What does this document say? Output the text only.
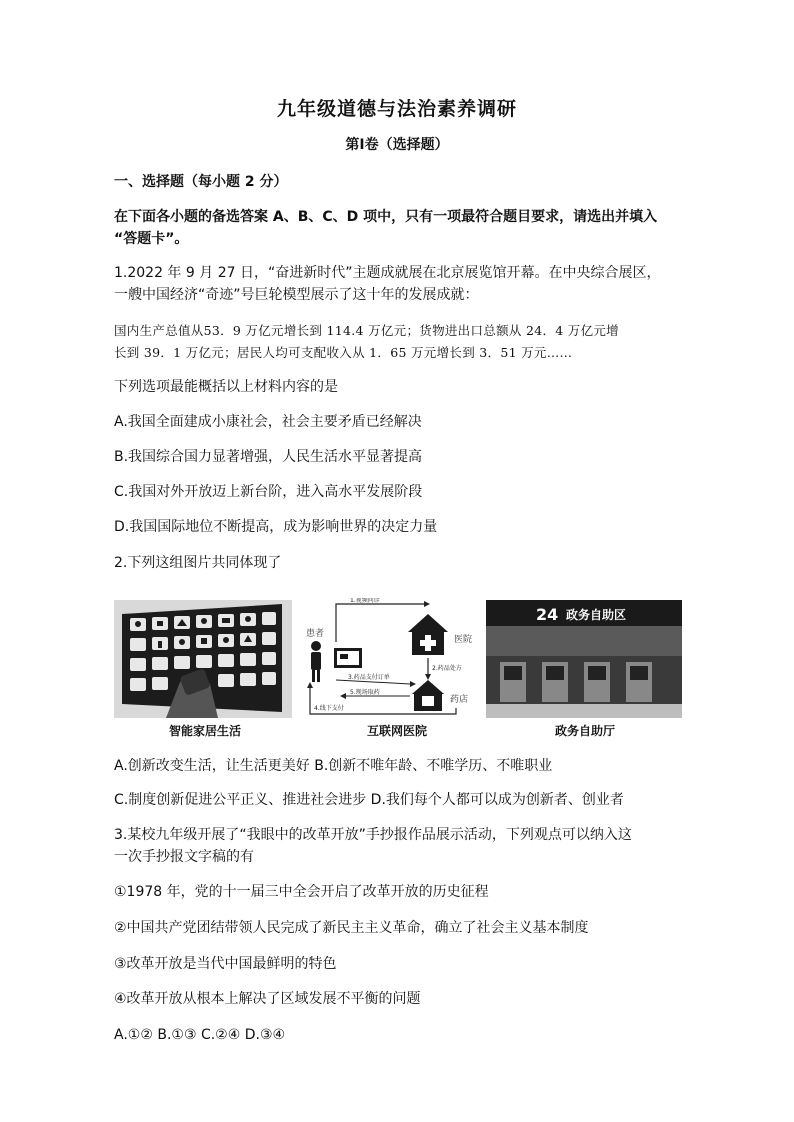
九年级道德与法治素养调研
第Ⅰ卷（选择题）
一、选择题（每小题 2 分）
在下面各小题的备选答案 A、B、C、D 项中，只有一项最符合题目要求，请选出并填入
“答题卡”。
1.2022 年 9 月 27 日，“奋进新时代”主题成就展在北京展览馆开幕。在中央综合展区，
一艘中国经济“奇迹”号巨轮模型展示了这十年的发展成就：
国内生产总值从53．9 万亿元增长到 114.4 万亿元；货物进出口总额从 24．4 万亿元增
长到 39．1 万亿元；居民人均可支配收入从 1．65 万元增长到 3．51 万元……
下列选项最能概括以上材料内容的是
A.我国全面建成小康社会，社会主要矛盾已经解决
B.我国综合国力显著增强，人民生活水平显著提高
C.我国对外开放迈上新台阶，进入高水平发展阶段
D.我国国际地位不断提高，成为影响世界的决定力量
2.下列这组图片共同体现了
1.视频问诊
医院
2.药品处方
药店
患者
3.药品支付订单
5.现场取药
4.线下支付
24 政务自助区
智能家居生活	互联网医院	政务自助厅
A.创新改变生活，让生活更美好 B.创新不唯年龄、不唯学历、不唯职业
C.制度创新促进公平正义、推进社会进步 D.我们每个人都可以成为创新者、创业者
3.某校九年级开展了“我眼中的改革开放”手抄报作品展示活动，下列观点可以纳入这
一次手抄报文字稿的有
①1978 年，党的十一届三中全会开启了改革开放的历史征程
②中国共产党团结带领人民完成了新民主主义革命，确立了社会主义基本制度
③改革开放是当代中国最鲜明的特色
④改革开放从根本上解决了区域发展不平衡的问题
A.①② B.①③ C.②④ D.③④
